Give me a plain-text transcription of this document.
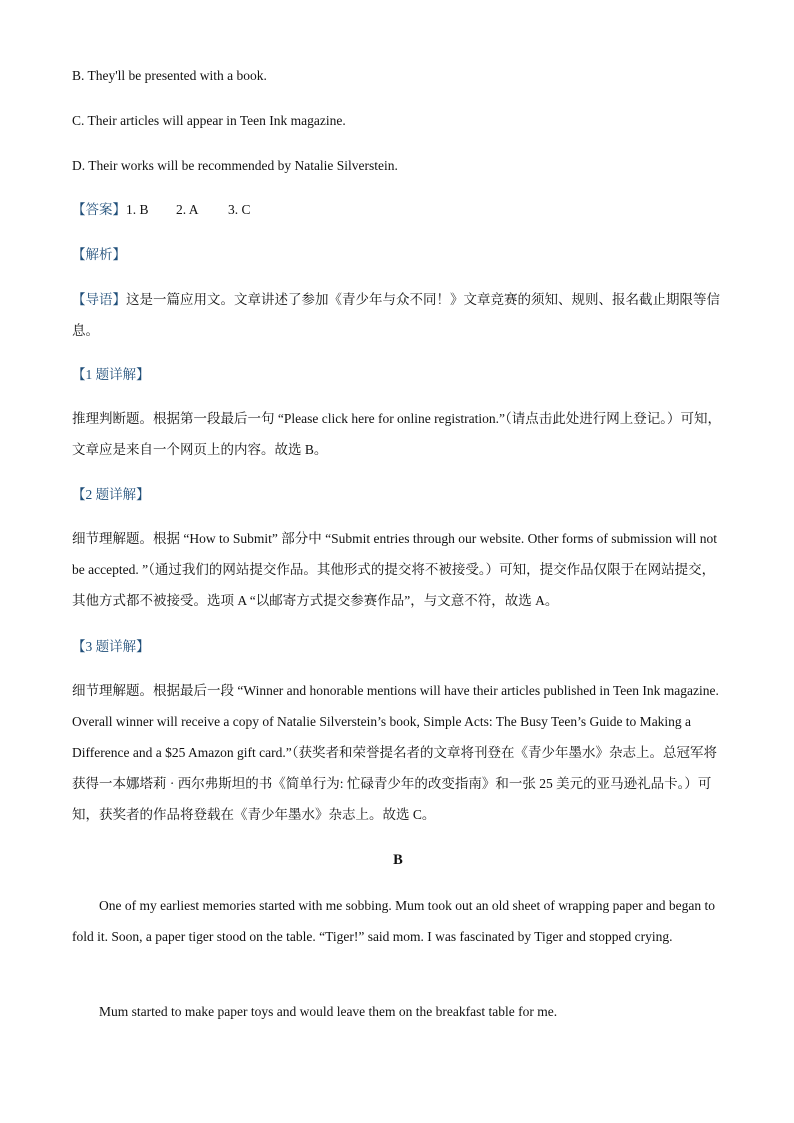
B. They'll be presented with a book.
C. Their articles will appear in Teen Ink magazine.
D. Their works will be recommended by Natalie Silverstein.
【答案】1. B 2. A 3. C
【解析】
【导语】这是一篇应用文。文章讲述了参加《青少年与众不同！》文章竞赛的须知、规则、报名截止期限等信息。
【1 题详解】
推理判断题。根据第一段最后一句 “Please click here for online registration.”（请点击此处进行网上登记。）可知，文章应是来自一个网页上的内容。故选 B。
【2 题详解】
细节理解题。根据 “How to Submit” 部分中 “Submit entries through our website. Other forms of submission will not be accepted. ”（通过我们的网站提交作品。其他形式的提交将不被接受。）可知，提交作品仅限于在网站提交，其他方式都不被接受。选项 A “以邮寄方式提交参赛作品”，与文意不符，故选 A。
【3 题详解】
细节理解题。根据最后一段 “Winner and honorable mentions will have their articles published in Teen Ink magazine. Overall winner will receive a copy of Natalie Silverstein’s book, Simple Acts: The Busy Teen’s Guide to Making a Difference and a $25 Amazon gift card.”（获奖者和荣誉提名者的文章将刊登在《青少年墨水》杂志上。总冠军将获得一本娜塔莉 · 西尔弗斯坦的书《简单行为: 忙碌青少年的改变指南》和一张 25 美元的亚马逊礼品卡。）可知，获奖者的作品将登载在《青少年墨水》杂志上。故选 C。
B
One of my earliest memories started with me sobbing. Mum took out an old sheet of wrapping paper and began to fold it. Soon, a paper tiger stood on the table. “Tiger!” said mom. I was fascinated by Tiger and stopped crying.
Mum started to make paper toys and would leave them on the breakfast table for me.
